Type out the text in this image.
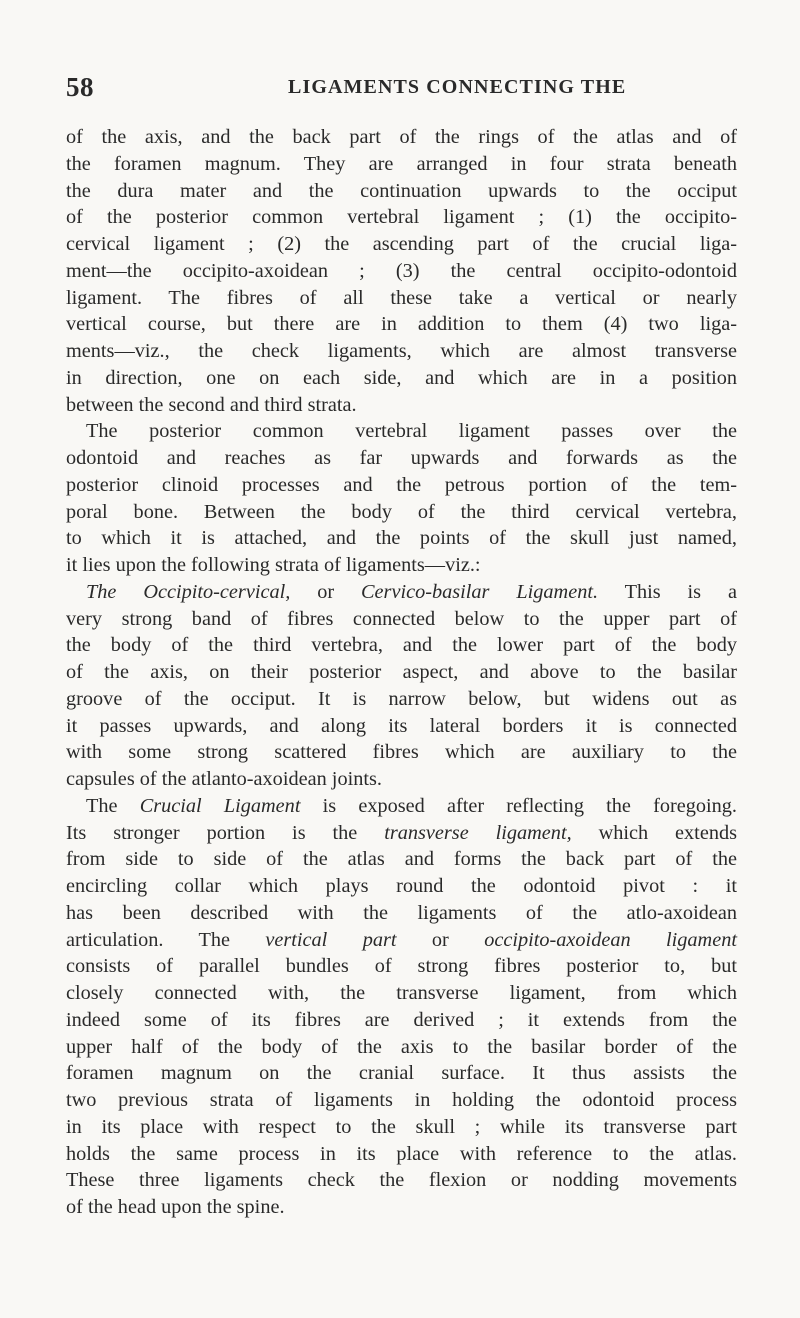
58	LIGAMENTS CONNECTING THE
of the axis, and the back part of the rings of the atlas and of
the foramen magnum. They are arranged in four strata beneath
the dura mater and the continuation upwards to the occiput
of the posterior common vertebral ligament ; (1) the occipito-
cervical ligament ; (2) the ascending part of the crucial liga-
ment—the occipito-axoidean ; (3) the central occipito-odontoid
ligament. The fibres of all these take a vertical or nearly
vertical course, but there are in addition to them (4) two liga-
ments—viz., the check ligaments, which are almost transverse
in direction, one on each side, and which are in a position
between the second and third strata.
The posterior common vertebral ligament passes over the
odontoid and reaches as far upwards and forwards as the
posterior clinoid processes and the petrous portion of the tem-
poral bone. Between the body of the third cervical vertebra,
to which it is attached, and the points of the skull just named,
it lies upon the following strata of ligaments—viz.:
The Occipito-cervical, or Cervico-basilar Ligament. This is a
very strong band of fibres connected below to the upper part of
the body of the third vertebra, and the lower part of the body
of the axis, on their posterior aspect, and above to the basilar
groove of the occiput. It is narrow below, but widens out as
it passes upwards, and along its lateral borders it is connected
with some strong scattered fibres which are auxiliary to the
capsules of the atlanto-axoidean joints.
The Crucial Ligament is exposed after reflecting the foregoing.
Its stronger portion is the transverse ligament, which extends
from side to side of the atlas and forms the back part of the
encircling collar which plays round the odontoid pivot : it
has been described with the ligaments of the atlo-axoidean
articulation. The vertical part or occipito-axoidean ligament
consists of parallel bundles of strong fibres posterior to, but
closely connected with, the transverse ligament, from which
indeed some of its fibres are derived ; it extends from the
upper half of the body of the axis to the basilar border of the
foramen magnum on the cranial surface. It thus assists the
two previous strata of ligaments in holding the odontoid process
in its place with respect to the skull ; while its transverse part
holds the same process in its place with reference to the atlas.
These three ligaments check the flexion or nodding movements
of the head upon the spine.
